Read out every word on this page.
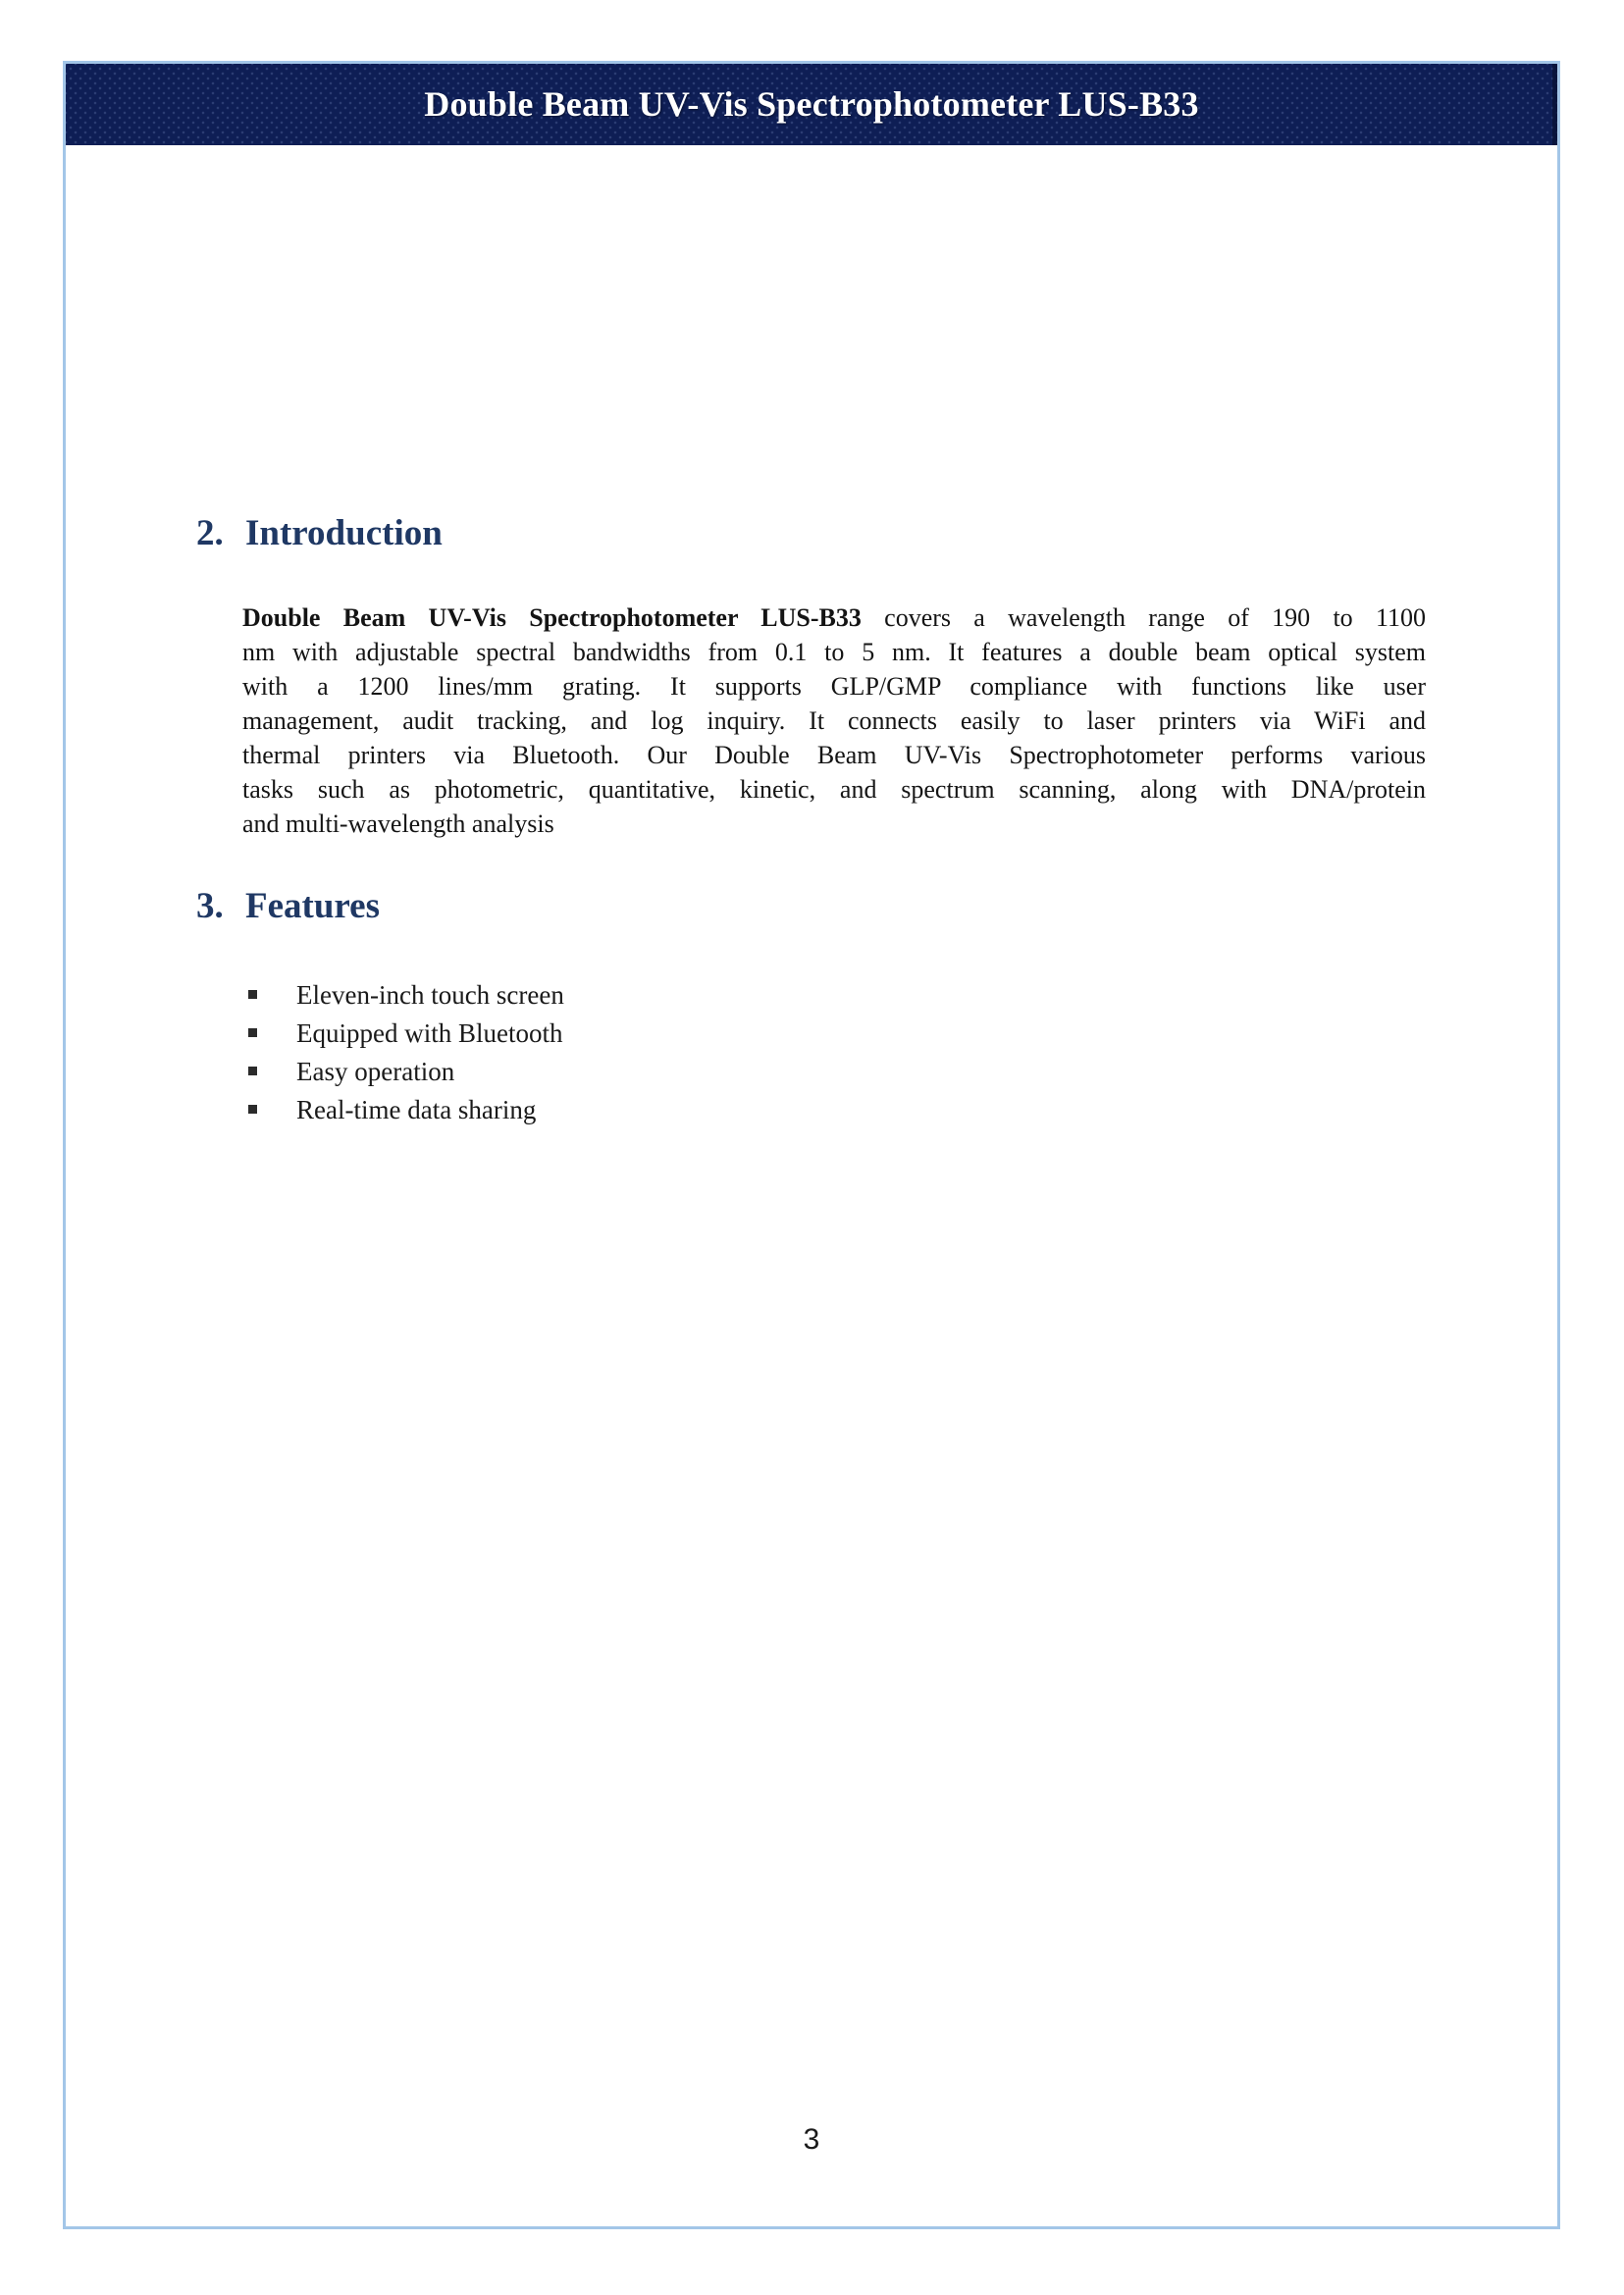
Double Beam UV-Vis Spectrophotometer LUS-B33
2. Introduction
Double Beam UV-Vis Spectrophotometer LUS-B33 covers a wavelength range of 190 to 1100
nm with adjustable spectral bandwidths from 0.1 to 5 nm. It features a double beam optical system
with a 1200 lines/mm grating. It supports GLP/GMP compliance with functions like user
management, audit tracking, and log inquiry. It connects easily to laser printers via WiFi and
thermal printers via Bluetooth. Our Double Beam UV-Vis Spectrophotometer performs various
tasks such as photometric, quantitative, kinetic, and spectrum scanning, along with DNA/protein
and multi-wavelength analysis
3. Features
Eleven-inch touch screen
Equipped with Bluetooth
Easy operation
Real-time data sharing
3
